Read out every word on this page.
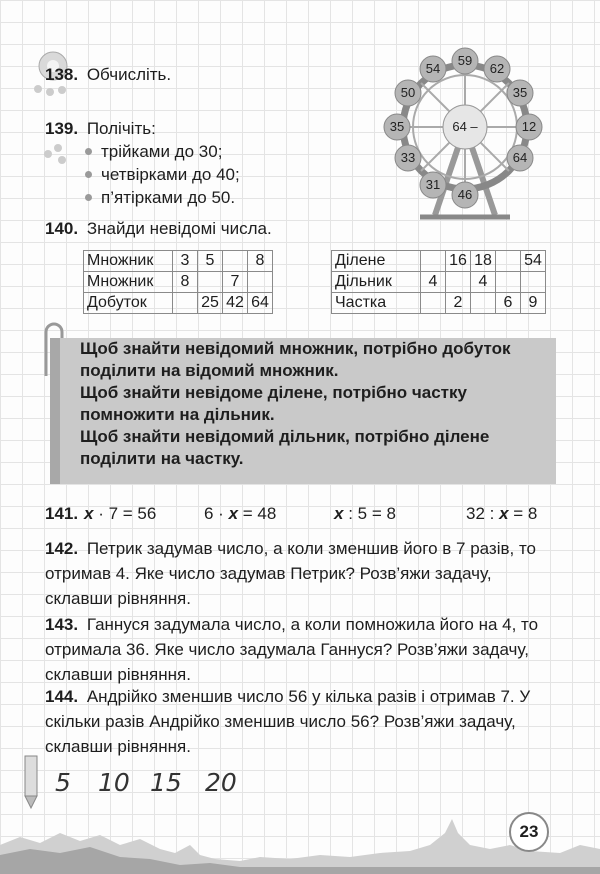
138. Обчисліть.
139. Полічіть:
трійками до 30;
четвірками до 40;
п’ятірками до 50.
64 –
59
62
35
12
64
46
31
33
35
50
54
140. Знайди невідомі числа.
Множник	3	5		8
Множник	8		7	
Добуток		25	42	64
Ділене		16	18		54
Дільник	4		4		
Частка		2		6	9

Щоб знайти невідомий множник, потрібно добуток поділити на відомий множник.

Щоб знайти невідоме ділене, потрібно частку помножити на дільник.

Щоб знайти невідомий дільник, потрібно ділене поділити на частку.

141. x · 7 = 56	6 · x = 48	x : 5 = 8	32 : x = 8
142. Петрик задумав число, а коли зменшив його в 7 разів, то отримав 4. Яке число задумав Петрик? Розв’яжи задачу, склавши рівняння.
143. Ганнуся задумала число, а коли помножила його на 4, то отримала 36. Яке число задумала Ганнуся? Розв’яжи задачу, склавши рівняння.
144. Андрійко зменшив число 56 у кілька разів і отримав 7. У скільки разів Андрійко зменшив число 56? Розв’яжи задачу, склавши рівняння.
5 10 15 20
23
